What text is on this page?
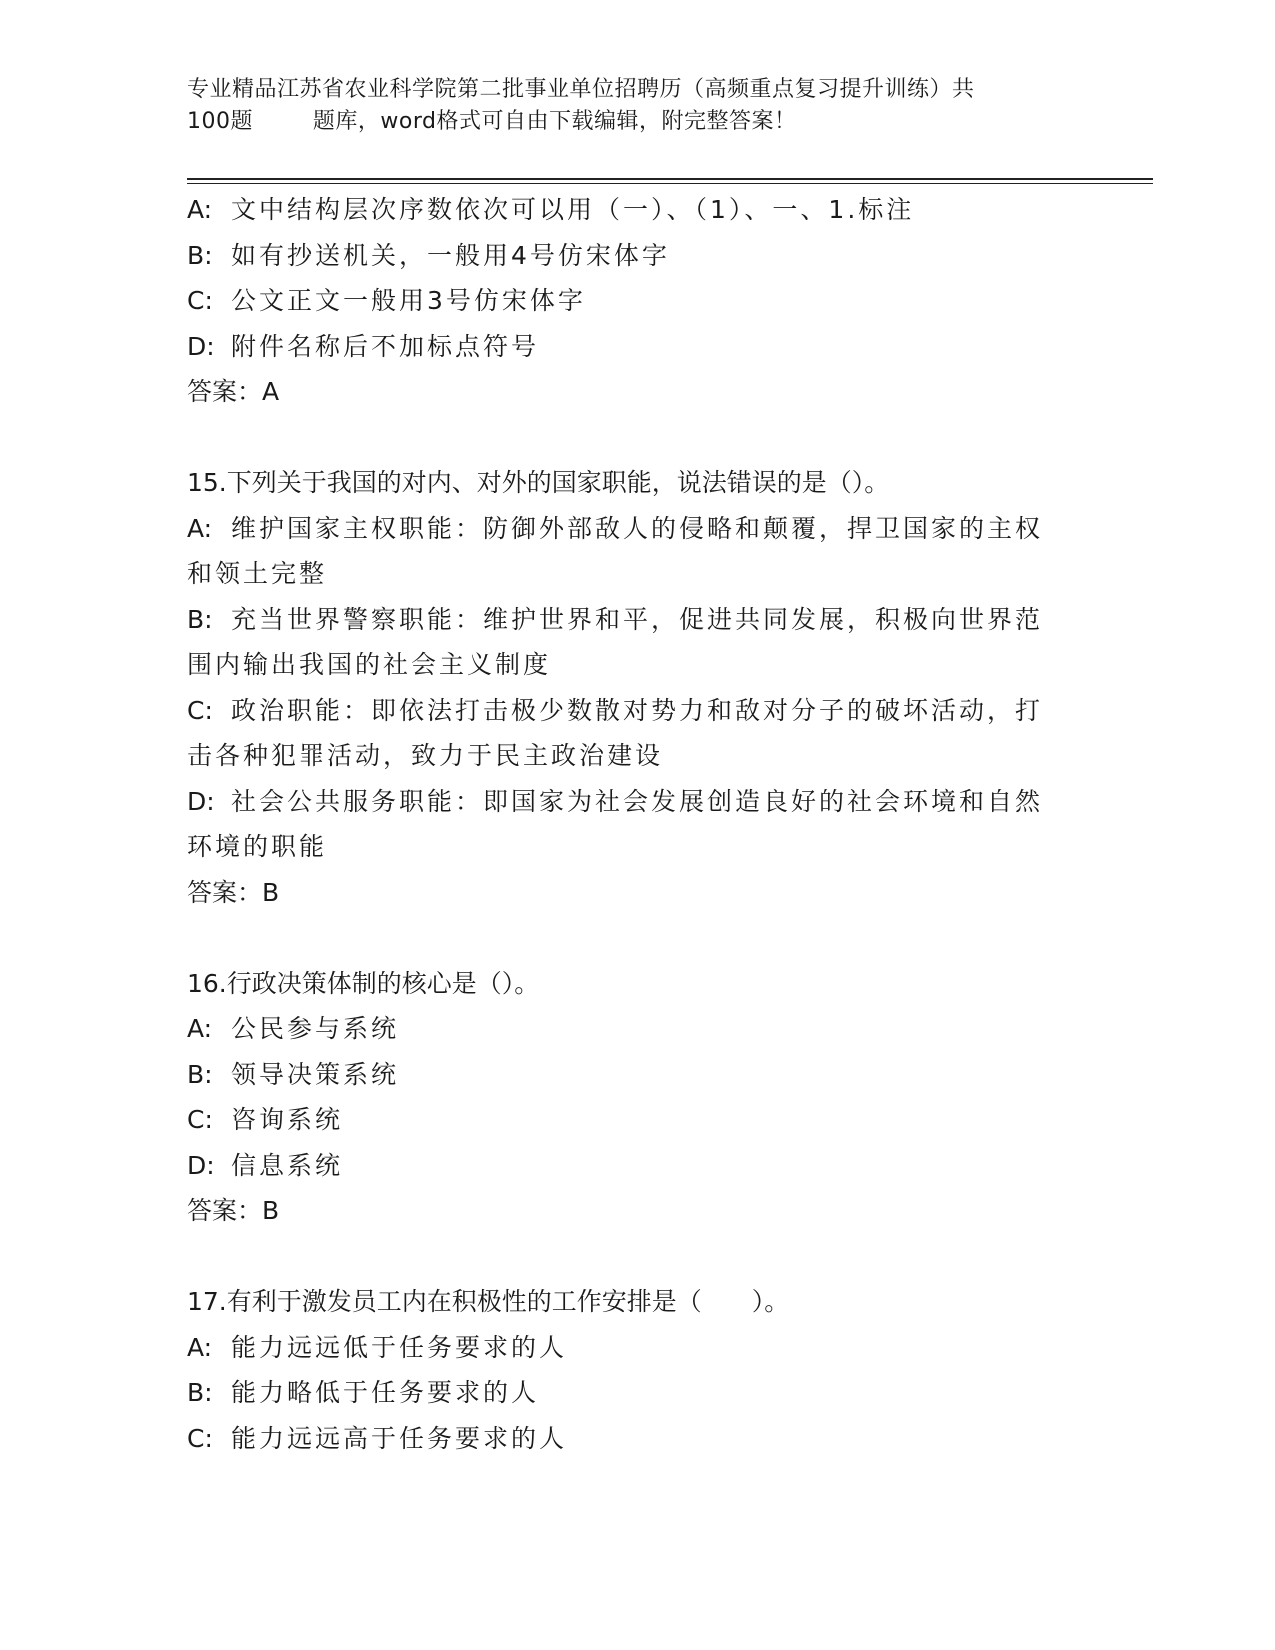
专业精品江苏省农业科学院第二批事业单位招聘历（高频重点复习提升训练）共
100题        题库，word格式可自由下载编辑，附完整答案！

A: 文中结构层次序数依次可以用（一）、（1）、一、1.标注

B: 如有抄送机关，一般用4号仿宋体字

C: 公文正文一般用3号仿宋体字

D: 附件名称后不加标点符号

答案：A

15.下列关于我国的对内、对外的国家职能，说法错误的是（）。

A: 维护国家主权职能：防御外部敌人的侵略和颠覆，捍卫国家的主权

和领土完整

B: 充当世界警察职能：维护世界和平，促进共同发展，积极向世界范

围内输出我国的社会主义制度

C: 政治职能：即依法打击极少数散对势力和敌对分子的破坏活动，打

击各种犯罪活动，致力于民主政治建设

D: 社会公共服务职能：即国家为社会发展创造良好的社会环境和自然

环境的职能

答案：B

16.行政决策体制的核心是（）。

A: 公民参与系统

B: 领导决策系统

C: 咨询系统

D: 信息系统

答案：B

17.有利于激发员工内在积极性的工作安排是（　　）。

A: 能力远远低于任务要求的人

B: 能力略低于任务要求的人

C: 能力远远高于任务要求的人
